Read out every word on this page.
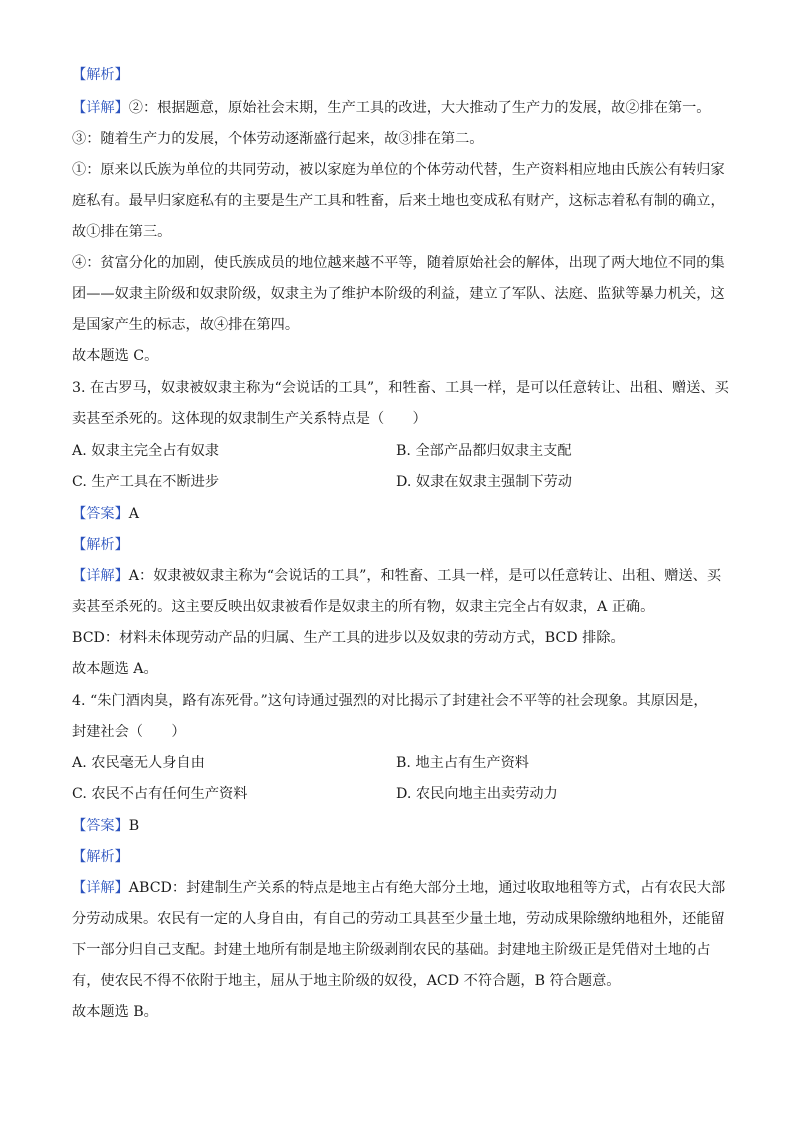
【解析】
【详解】②：根据题意，原始社会末期，生产工具的改进，大大推动了生产力的发展，故②排在第一。
③：随着生产力的发展，个体劳动逐渐盛行起来，故③排在第二。
①：原来以氏族为单位的共同劳动，被以家庭为单位的个体劳动代替，生产资料相应地由氏族公有转归家
庭私有。最早归家庭私有的主要是生产工具和牲畜，后来土地也变成私有财产，这标志着私有制的确立，
故①排在第三。
④：贫富分化的加剧，使氏族成员的地位越来越不平等，随着原始社会的解体，出现了两大地位不同的集
团——奴隶主阶级和奴隶阶级，奴隶主为了维护本阶级的利益，建立了军队、法庭、监狱等暴力机关，这
是国家产生的标志，故④排在第四。
故本题选 C。
3. 在古罗马，奴隶被奴隶主称为“会说话的工具”，和牲畜、工具一样，是可以任意转让、出租、赠送、买
卖甚至杀死的。这体现的奴隶制生产关系特点是（　　）
A. 奴隶主完全占有奴隶	B. 全部产品都归奴隶主支配
C. 生产工具在不断进步	D. 奴隶在奴隶主强制下劳动
【答案】A
【解析】
【详解】A：奴隶被奴隶主称为“会说话的工具”，和牲畜、工具一样，是可以任意转让、出租、赠送、买
卖甚至杀死的。这主要反映出奴隶被看作是奴隶主的所有物，奴隶主完全占有奴隶，A 正确。
BCD：材料未体现劳动产品的归属、生产工具的进步以及奴隶的劳动方式，BCD 排除。
故本题选 A。
4. “朱门酒肉臭，路有冻死骨。”这句诗通过强烈的对比揭示了封建社会不平等的社会现象。其原因是，
封建社会（　　）
A. 农民毫无人身自由	B. 地主占有生产资料
C. 农民不占有任何生产资料	D. 农民向地主出卖劳动力
【答案】B
【解析】
【详解】ABCD：封建制生产关系的特点是地主占有绝大部分土地，通过收取地租等方式，占有农民大部
分劳动成果。农民有一定的人身自由，有自己的劳动工具甚至少量土地，劳动成果除缴纳地租外，还能留
下一部分归自己支配。封建土地所有制是地主阶级剥削农民的基础。封建地主阶级正是凭借对土地的占
有，使农民不得不依附于地主，屈从于地主阶级的奴役，ACD 不符合题，B 符合题意。
故本题选 B。
